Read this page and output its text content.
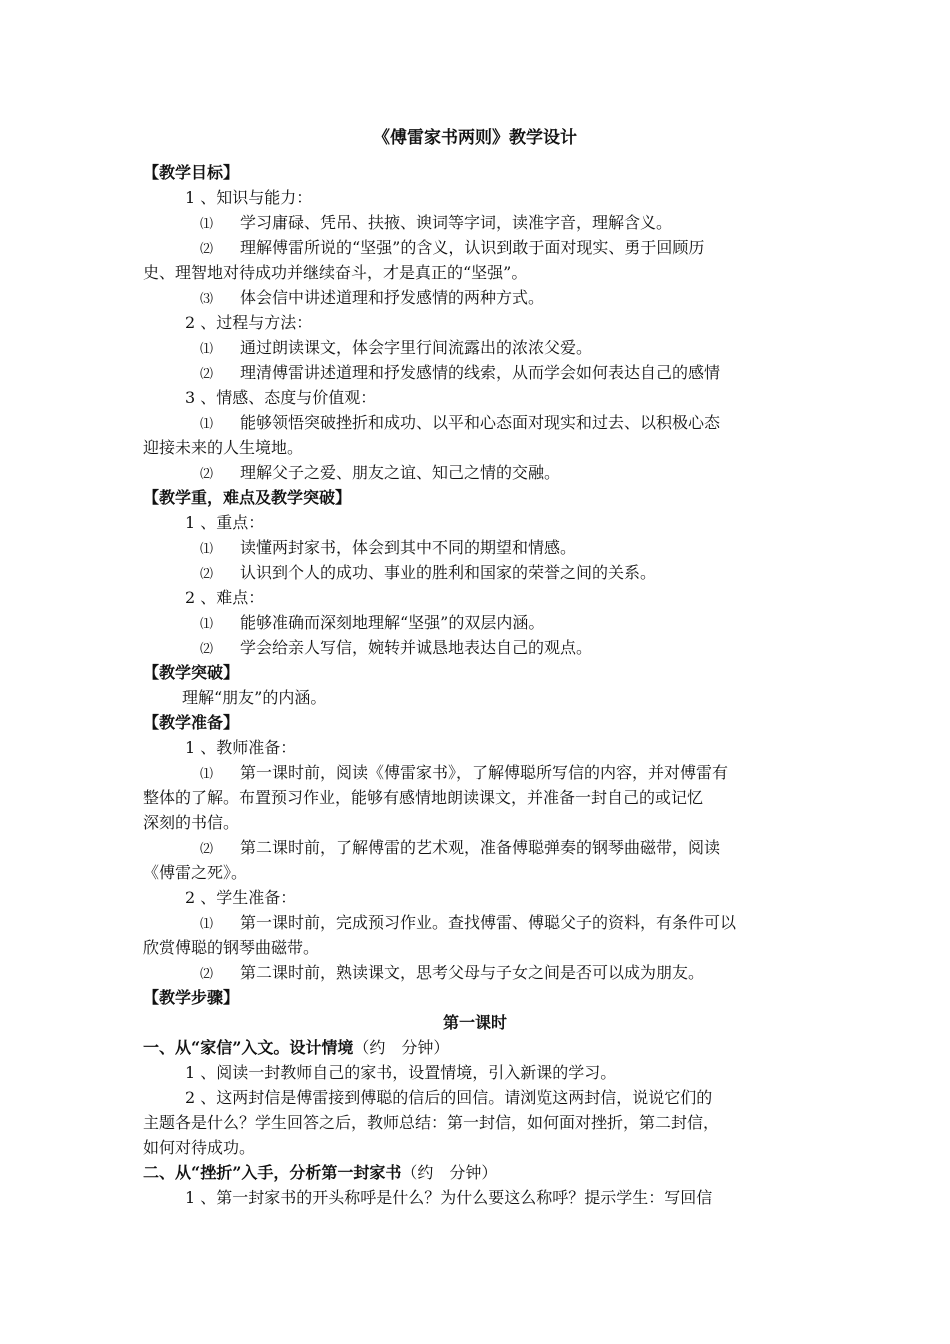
《傅雷家书两则》教学设计
【教学目标】
1 、知识与能力：
⑴ 学习庸碌、凭吊、扶掖、谀词等字词，读准字音，理解含义。
⑵ 理解傅雷所说的“坚强”的含义，认识到敢于面对现实、勇于回顾历
史、理智地对待成功并继续奋斗，才是真正的“坚强”。
⑶ 体会信中讲述道理和抒发感情的两种方式。
2 、过程与方法：
⑴ 通过朗读课文，体会字里行间流露出的浓浓父爱。
⑵ 理清傅雷讲述道理和抒发感情的线索，从而学会如何表达自己的感情
3 、情感、态度与价值观：
⑴ 能够领悟突破挫折和成功、以平和心态面对现实和过去、以积极心态
迎接未来的人生境地。
⑵ 理解父子之爱、朋友之谊、知己之情的交融。
【教学重，难点及教学突破】
1 、重点：
⑴ 读懂两封家书，体会到其中不同的期望和情感。
⑵ 认识到个人的成功、事业的胜利和国家的荣誉之间的关系。
2 、难点：
⑴ 能够准确而深刻地理解“坚强”的双层内涵。
⑵ 学会给亲人写信，婉转并诚恳地表达自己的观点。
【教学突破】
理解“朋友”的内涵。
【教学准备】
1 、教师准备：
⑴ 第一课时前，阅读《傅雷家书》，了解傅聪所写信的内容，并对傅雷有
整体的了解。布置预习作业，能够有感情地朗读课文，并准备一封自己的或记忆
深刻的书信。
⑵ 第二课时前，了解傅雷的艺术观，准备傅聪弹奏的钢琴曲磁带，阅读
《傅雷之死》。
2 、学生准备：
⑴ 第一课时前，完成预习作业。查找傅雷、傅聪父子的资料，有条件可以
欣赏傅聪的钢琴曲磁带。
⑵ 第二课时前，熟读课文，思考父母与子女之间是否可以成为朋友。
【教学步骤】
第一课时
一、从“家信”入文。设计情境（约　分钟）
1 、阅读一封教师自己的家书，设置情境，引入新课的学习。
2 、这两封信是傅雷接到傅聪的信后的回信。请浏览这两封信，说说它们的
主题各是什么？学生回答之后，教师总结：第一封信，如何面对挫折，第二封信，
如何对待成功。
二、从“挫折”入手，分析第一封家书（约　分钟）
1 、第一封家书的开头称呼是什么？为什么要这么称呼？提示学生：写回信
